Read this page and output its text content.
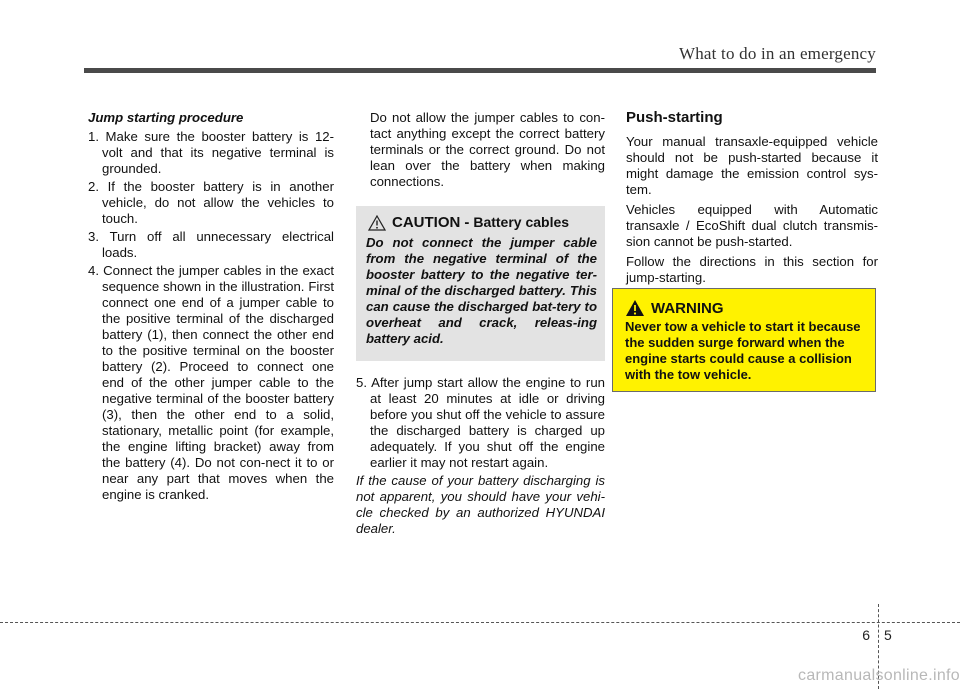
What to do in an emergency

Jump starting procedure

1. Make sure the booster battery is 12- volt and that its negative terminal is grounded.
2. If the booster battery is in another vehicle, do not allow the vehicles to touch.
3. Turn off all unnecessary electrical loads.
4. Connect the jumper cables in the exact sequence shown in the illustration. First connect one end of a jumper cable to the positive terminal of the discharged battery (1), then connect the other end to the positive terminal on the booster battery (2). Proceed to connect one end of the other jumper cable to the negative terminal of the booster battery (3), then the other end to a solid, stationary, metallic point (for example, the engine lifting bracket) away from the battery (4). Do not con-nect it to or near any part that moves when the engine is cranked.

Do not allow the jumper cables to con-tact anything except the correct battery terminals or the correct ground. Do not lean over the battery when making connections.

CAUTION - Battery cables
Do not connect the jumper cable from the negative terminal of the booster battery to the negative ter-minal of the discharged battery. This can cause the discharged bat-tery to overheat and crack, releas-ing battery acid.
5. After jump start allow the engine to run at least 20 minutes at idle or driving before you shut off the vehicle to assure the discharged battery is charged up adequately. If you shut off the engine earlier it may not restart again.

If the cause of your battery discharging is not apparent, you should have your vehi-cle checked by an authorized HYUNDAI dealer.

Push-starting

Your manual transaxle-equipped vehicle should not be push-started because it might damage the emission control sys-tem.

Vehicles equipped with Automatic transaxle / EcoShift dual clutch transmis-sion cannot be push-started.

Follow the directions in this section for jump-starting.

WARNING
Never tow a vehicle to start it because the sudden surge forward when the engine starts could cause a collision with the tow vehicle.
6 5
carmanualsonline.info
